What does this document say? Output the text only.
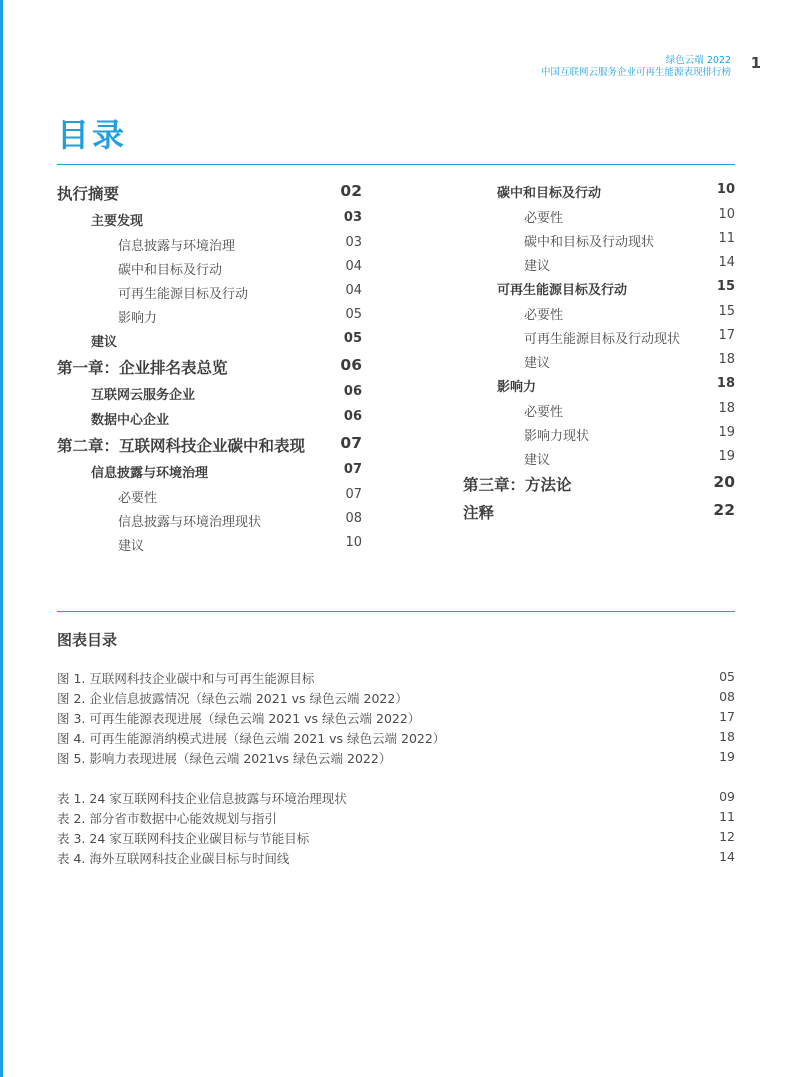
绿色云端 2022
中国互联网云服务企业可再生能源表现排行榜
1
目录
执行摘要	02
主要发现	03
信息披露与环境治理	03
碳中和目标及行动	04
可再生能源目标及行动	04
影响力	05
建议	05
第一章：企业排名表总览	06
互联网云服务企业	06
数据中心企业	06
第二章：互联网科技企业碳中和表现 07
信息披露与环境治理	07
必要性	07
信息披露与环境治理现状	08
建议	10
碳中和目标及行动	10
必要性	10
碳中和目标及行动现状	11
建议	14
可再生能源目标及行动	15
必要性	15
可再生能源目标及行动现状	17
建议	18
影响力	18
必要性	18
影响力现状	19
建议	19
第三章：方法论	20
注释	22
图表目录
图 1. 互联网科技企业碳中和与可再生能源目标	05
图 2. 企业信息披露情况（绿色云端 2021 vs 绿色云端 2022）	08
图 3. 可再生能源表现进展（绿色云端 2021 vs 绿色云端 2022）	17
图 4. 可再生能源消纳模式进展（绿色云端 2021 vs 绿色云端 2022）	18
图 5. 影响力表现进展（绿色云端 2021vs 绿色云端 2022）	19
表 1. 24 家互联网科技企业信息披露与环境治理现状	09
表 2. 部分省市数据中心能效规划与指引	11
表 3. 24 家互联网科技企业碳目标与节能目标	12
表 4. 海外互联网科技企业碳目标与时间线	14
